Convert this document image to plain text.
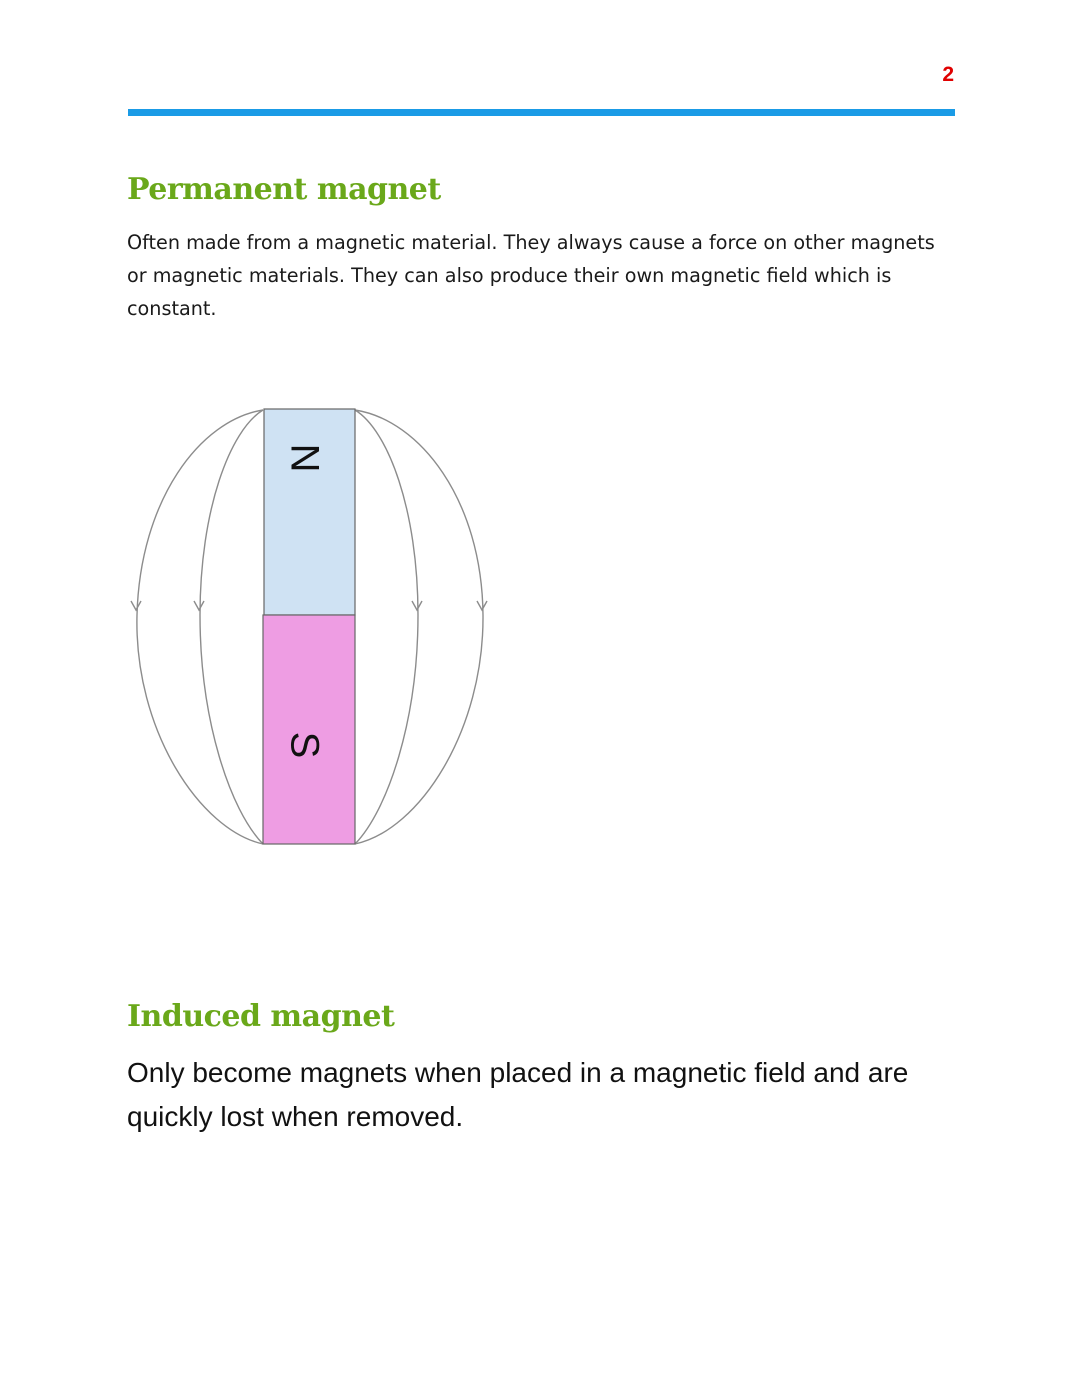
2
Permanent magnet

Often made from a magnetic material. They always cause a force on other magnets or magnetic materials. They can also produce their own magnetic field which is constant.

N
S
Induced magnet

Only become magnets when placed in a magnetic field and are quickly lost when removed.
